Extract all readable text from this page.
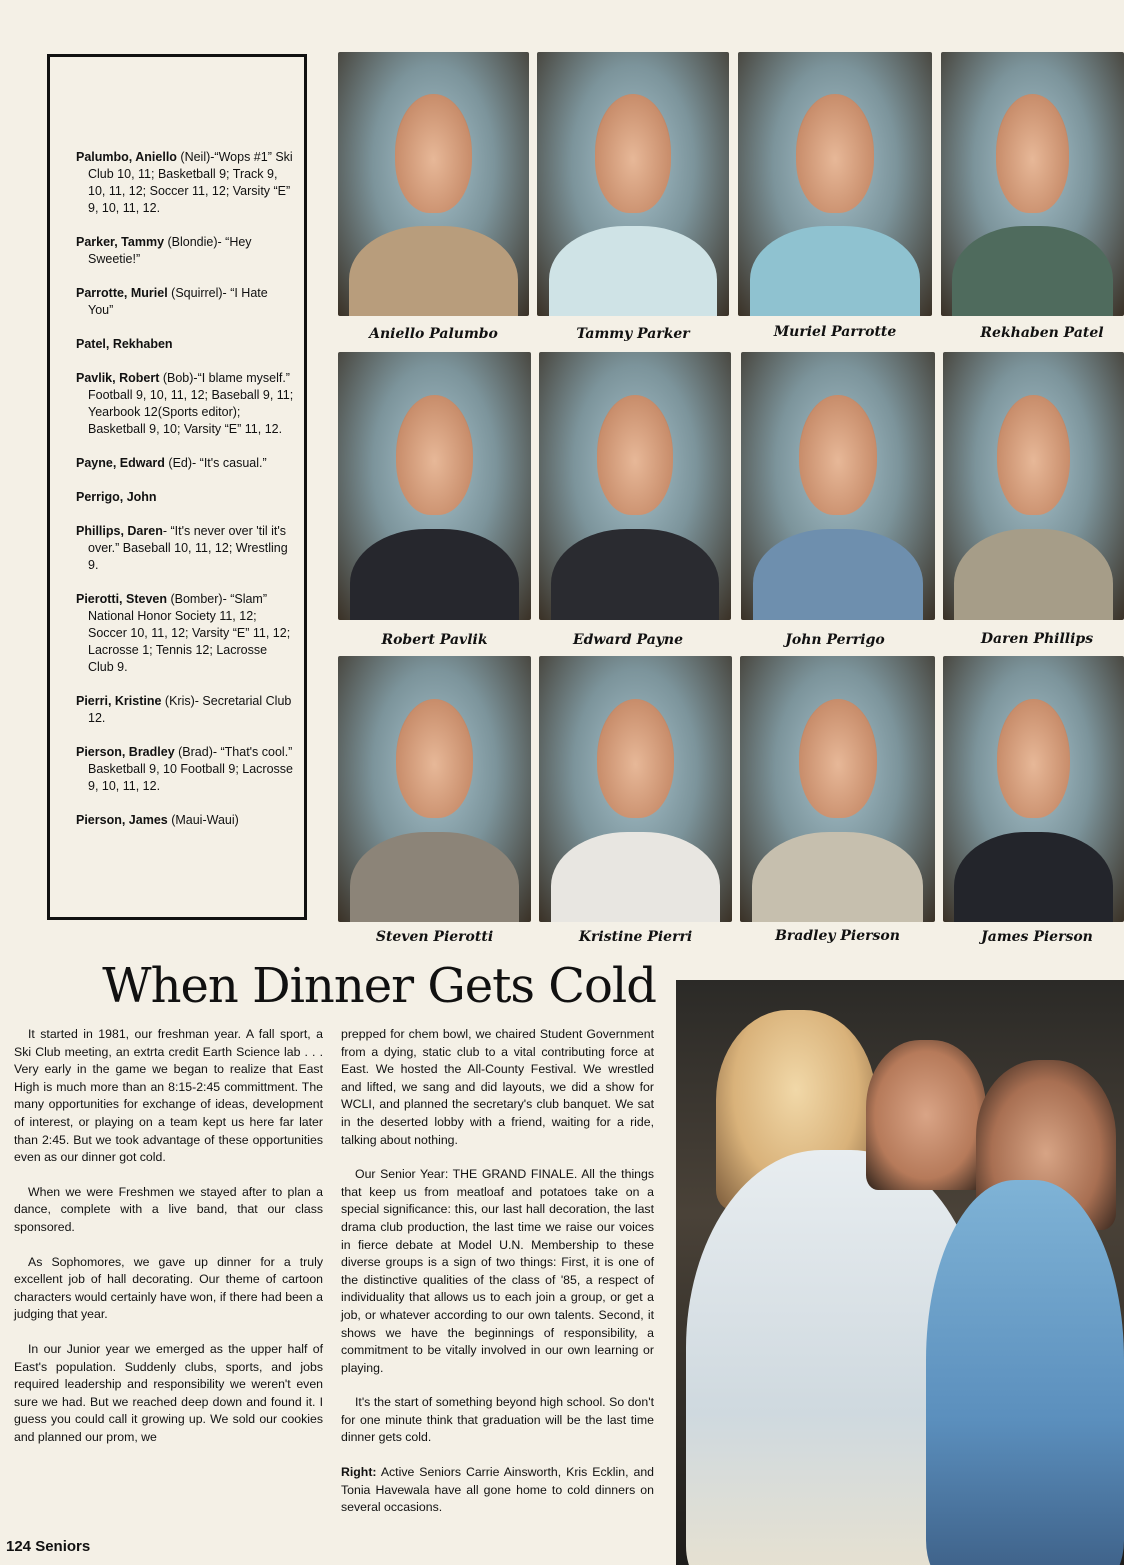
Palumbo, Aniello (Neil)-“Wops #1” Ski Club 10, 11; Basketball 9; Track 9, 10, 11, 12; Soccer 11, 12; Varsity “E” 9, 10, 11, 12.
Parker, Tammy (Blondie)- “Hey Sweetie!”
Parrotte, Muriel (Squirrel)- “I Hate You”
Patel, Rekhaben
Pavlik, Robert (Bob)-“I blame myself.” Football 9, 10, 11, 12; Baseball 9, 11; Yearbook 12(Sports editor); Basketball 9, 10; Varsity “E” 11, 12.
Payne, Edward (Ed)- “It's casual.”
Perrigo, John
Phillips, Daren- “It's never over 'til it's over.” Baseball 10, 11, 12; Wrestling 9.
Pierotti, Steven (Bomber)- “Slam” National Honor Society 11, 12; Soccer 10, 11, 12; Varsity “E” 11, 12; Lacrosse 1; Tennis 12; Lacrosse Club 9.
Pierri, Kristine (Kris)- Secretarial Club 12.
Pierson, Bradley (Brad)- “That's cool.” Basketball 9, 10 Football 9; Lacrosse 9, 10, 11, 12.
Pierson, James (Maui-Waui)
Aniello Palumbo	Tammy Parker	Muriel Parrotte	Rekhaben Patel
Robert Pavlik	Edward Payne	John Perrigo	Daren Phillips
Steven Pierotti	Kristine Pierri	Bradley Pierson	James Pierson
When Dinner Gets Cold

It started in 1981, our freshman year. A fall sport, a Ski Club meeting, an extrta credit Earth Science lab . . . Very early in the game we began to realize that East High is much more than an 8:15-2:45 committment. The many opportunities for exchange of ideas, development of interest, or playing on a team kept us here far later than 2:45. But we took advantage of these opportunities even as our dinner got cold.

When we were Freshmen we stayed after to plan a dance, complete with a live band, that our class sponsored.

As Sophomores, we gave up dinner for a truly excellent job of hall decorating. Our theme of cartoon characters would certainly have won, if there had been a judging that year.

In our Junior year we emerged as the upper half of East's population. Suddenly clubs, sports, and jobs required leadership and responsibility we weren't even sure we had. But we reached deep down and found it. I guess you could call it growing up. We sold our cookies and planned our prom, we

prepped for chem bowl, we chaired Student Government from a dying, static club to a vital contributing force at East. We hosted the All-County Festival. We wrestled and lifted, we sang and did layouts, we did a show for WCLI, and planned the secretary's club banquet. We sat in the deserted lobby with a friend, waiting for a ride, talking about nothing.

Our Senior Year: THE GRAND FINALE. All the things that keep us from meatloaf and potatoes take on a special significance: this, our last hall decoration, the last drama club production, the last time we raise our voices in fierce debate at Model U.N. Membership to these diverse groups is a sign of two things: First, it is one of the distinctive qualities of the class of '85, a respect of individuality that allows us to each join a group, or get a job, or whatever according to our own talents. Second, it shows we have the beginnings of responsibility, a commitment to be vitally involved in our own learning or playing.

It's the start of something beyond high school. So don't for one minute think that graduation will be the last time dinner gets cold.

Right: Active Seniors Carrie Ainsworth, Kris Ecklin, and Tonia Havewala have all gone home to cold dinners on several occasions.

124 Seniors
